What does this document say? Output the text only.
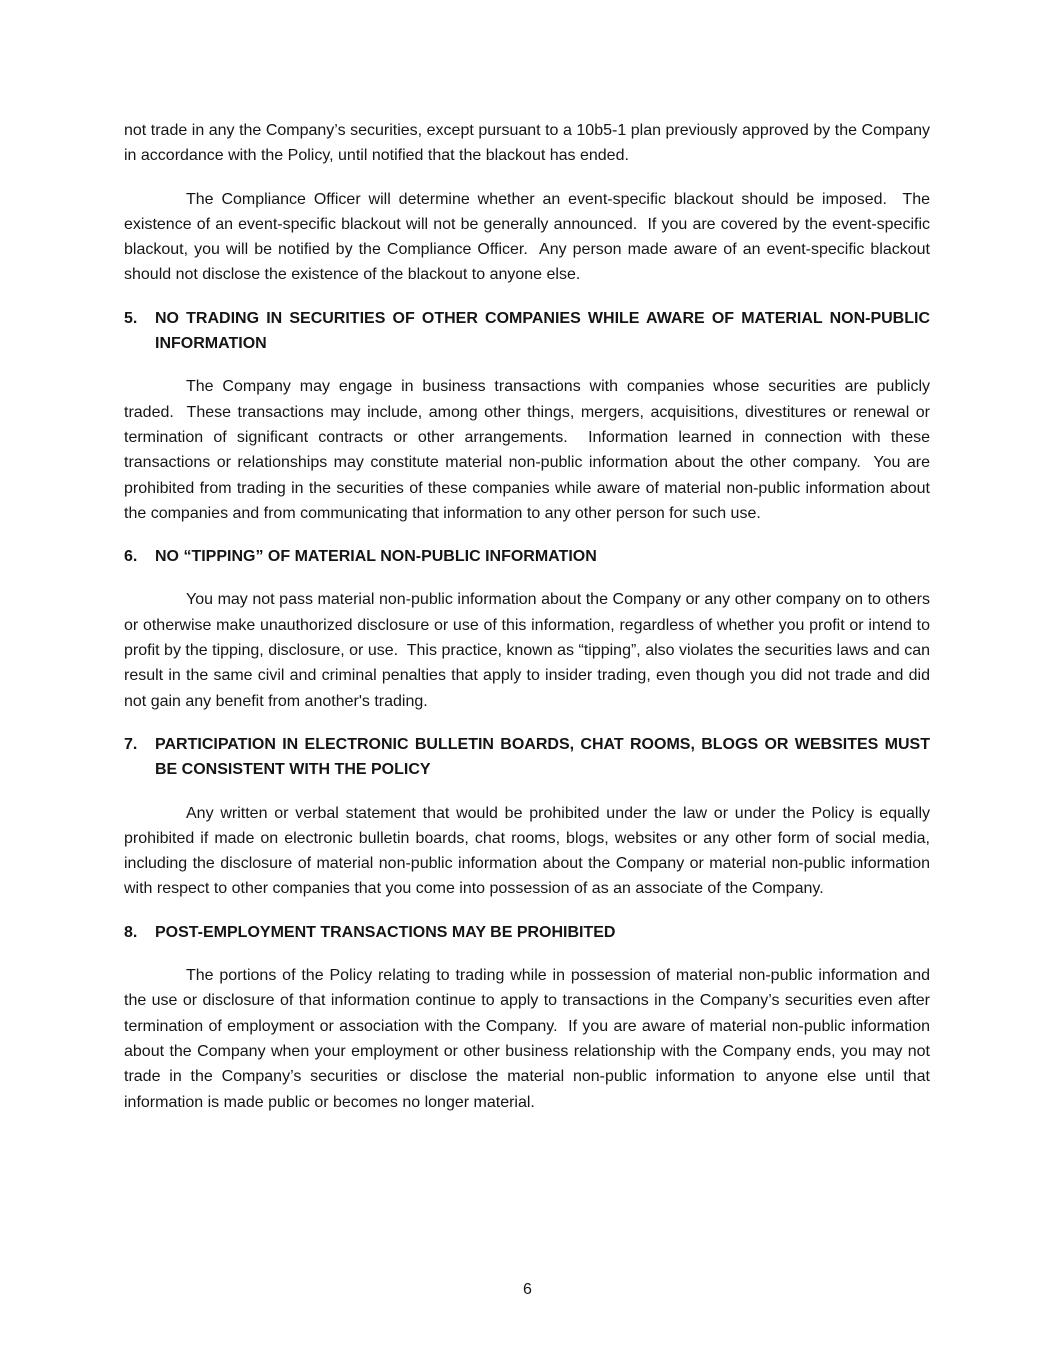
not trade in any the Company’s securities, except pursuant to a 10b5-1 plan previously approved by the Company in accordance with the Policy, until notified that the blackout has ended.

The Compliance Officer will determine whether an event-specific blackout should be imposed.  The existence of an event-specific blackout will not be generally announced.  If you are covered by the event-specific blackout, you will be notified by the Compliance Officer.  Any person made aware of an event-specific blackout should not disclose the existence of the blackout to anyone else.

5. NO TRADING IN SECURITIES OF OTHER COMPANIES WHILE AWARE OF MATERIAL NON-PUBLIC INFORMATION

The Company may engage in business transactions with companies whose securities are publicly traded.  These transactions may include, among other things, mergers, acquisitions, divestitures or renewal or termination of significant contracts or other arrangements.  Information learned in connection with these transactions or relationships may constitute material non-public information about the other company.  You are prohibited from trading in the securities of these companies while aware of material non-public information about the companies and from communicating that information to any other person for such use.

6. NO “TIPPING” OF MATERIAL NON-PUBLIC INFORMATION

You may not pass material non-public information about the Company or any other company on to others or otherwise make unauthorized disclosure or use of this information, regardless of whether you profit or intend to profit by the tipping, disclosure, or use.  This practice, known as “tipping”, also violates the securities laws and can result in the same civil and criminal penalties that apply to insider trading, even though you did not trade and did not gain any benefit from another's trading.

7. PARTICIPATION IN ELECTRONIC BULLETIN BOARDS, CHAT ROOMS, BLOGS OR WEBSITES MUST BE CONSISTENT WITH THE POLICY

Any written or verbal statement that would be prohibited under the law or under the Policy is equally prohibited if made on electronic bulletin boards, chat rooms, blogs, websites or any other form of social media, including the disclosure of material non-public information about the Company or material non-public information with respect to other companies that you come into possession of as an associate of the Company.

8. POST-EMPLOYMENT TRANSACTIONS MAY BE PROHIBITED

The portions of the Policy relating to trading while in possession of material non-public information and the use or disclosure of that information continue to apply to transactions in the Company’s securities even after termination of employment or association with the Company.  If you are aware of material non-public information about the Company when your employment or other business relationship with the Company ends, you may not trade in the Company’s securities or disclose the material non-public information to anyone else until that information is made public or becomes no longer material.

6
